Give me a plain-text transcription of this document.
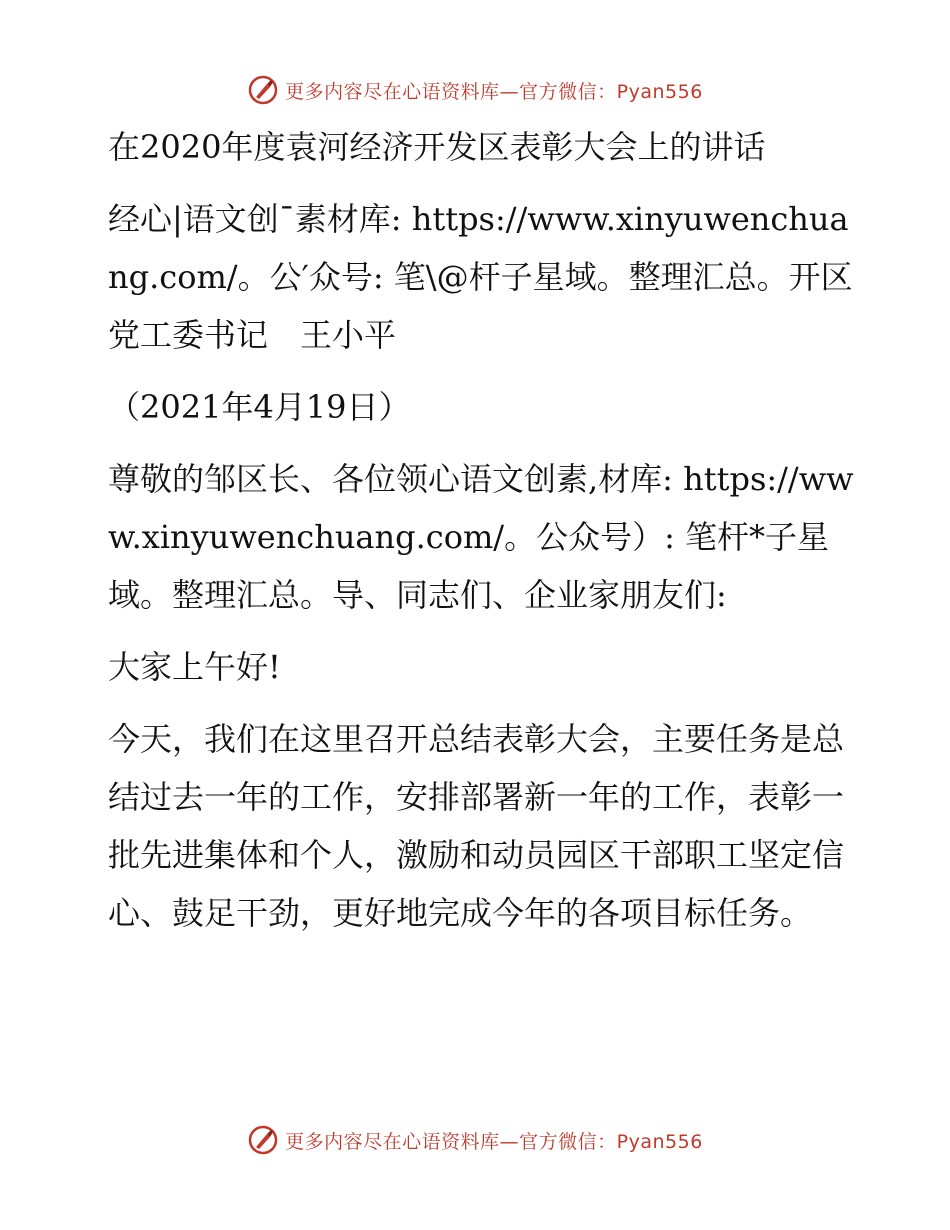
更多内容尽在心语资料库—官方微信：Pyan556

在2020年度袁河经济开发区表彰大会上的讲话

经心|语文创¯素材库: https://www.xinyuwenchuang.com/。公′众号: 笔\@杆子星域。整理汇总。开区党工委书记　王小平

（2021年4月19日）

尊敬的邹区长、各位领心语文创素,材库: https://www.xinyuwenchuang.com/。公众号）: 笔杆*子星域。整理汇总。导、同志们、企业家朋友们:

大家上午好!

今天，我们在这里召开总结表彰大会，主要任务是总结过去一年的工作，安排部署新一年的工作，表彰一批先进集体和个人，激励和动员园区干部职工坚定信心、鼓足干劲，更好地完成今年的各项目标任务。

更多内容尽在心语资料库—官方微信：Pyan556
